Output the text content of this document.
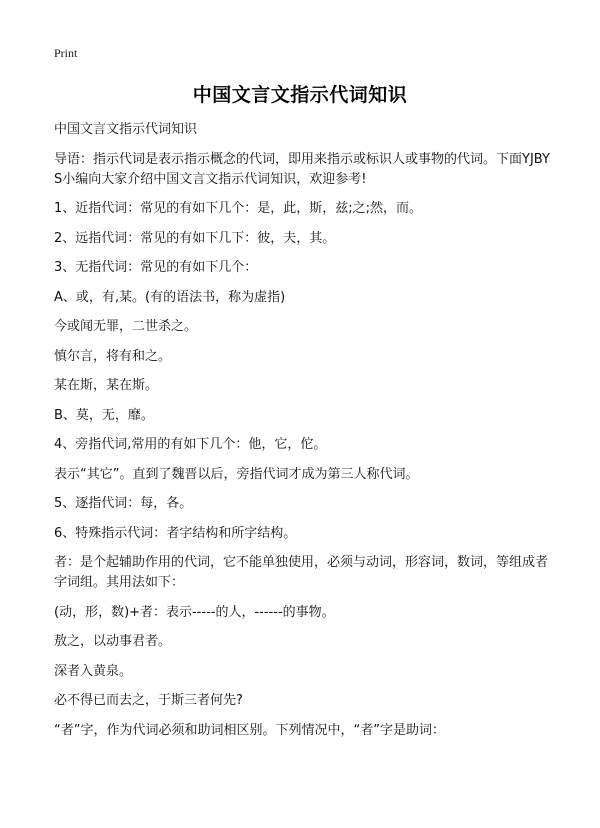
Print
中国文言文指示代词知识

中国文言文指示代词知识

导语：指示代词是表示指示概念的代词，即用来指示或标识人或事物的代词。下面YJBYS小编向大家介绍中国文言文指示代词知识，欢迎参考!

1、近指代词：常见的有如下几个：是，此，斯，兹;之;然，而。

2、远指代词：常见的有如下几下：彼，夫，其。

3、无指代词：常见的有如下几个：

A、或，有,某。(有的语法书，称为虚指)

今或闻无罪，二世杀之。

慎尔言，将有和之。

某在斯，某在斯。

B、莫，无，靡。

4、旁指代词,常用的有如下几个：他，它，佗。

表示“其它”。直到了魏晋以后，旁指代词才成为第三人称代词。

5、逐指代词：每，各。

6、特殊指示代词：者字结构和所字结构。

者：是个起辅助作用的代词，它不能单独使用，必须与动词，形容词，数词，等组成者字词组。其用法如下：

(动，形，数)+者：表示-----的人，------的事物。

敖之，以动事君者。

深者入黄泉。

必不得已而去之，于斯三者何先?

“者”字，作为代词必须和助词相区别。下列情况中，“者”字是助词：
